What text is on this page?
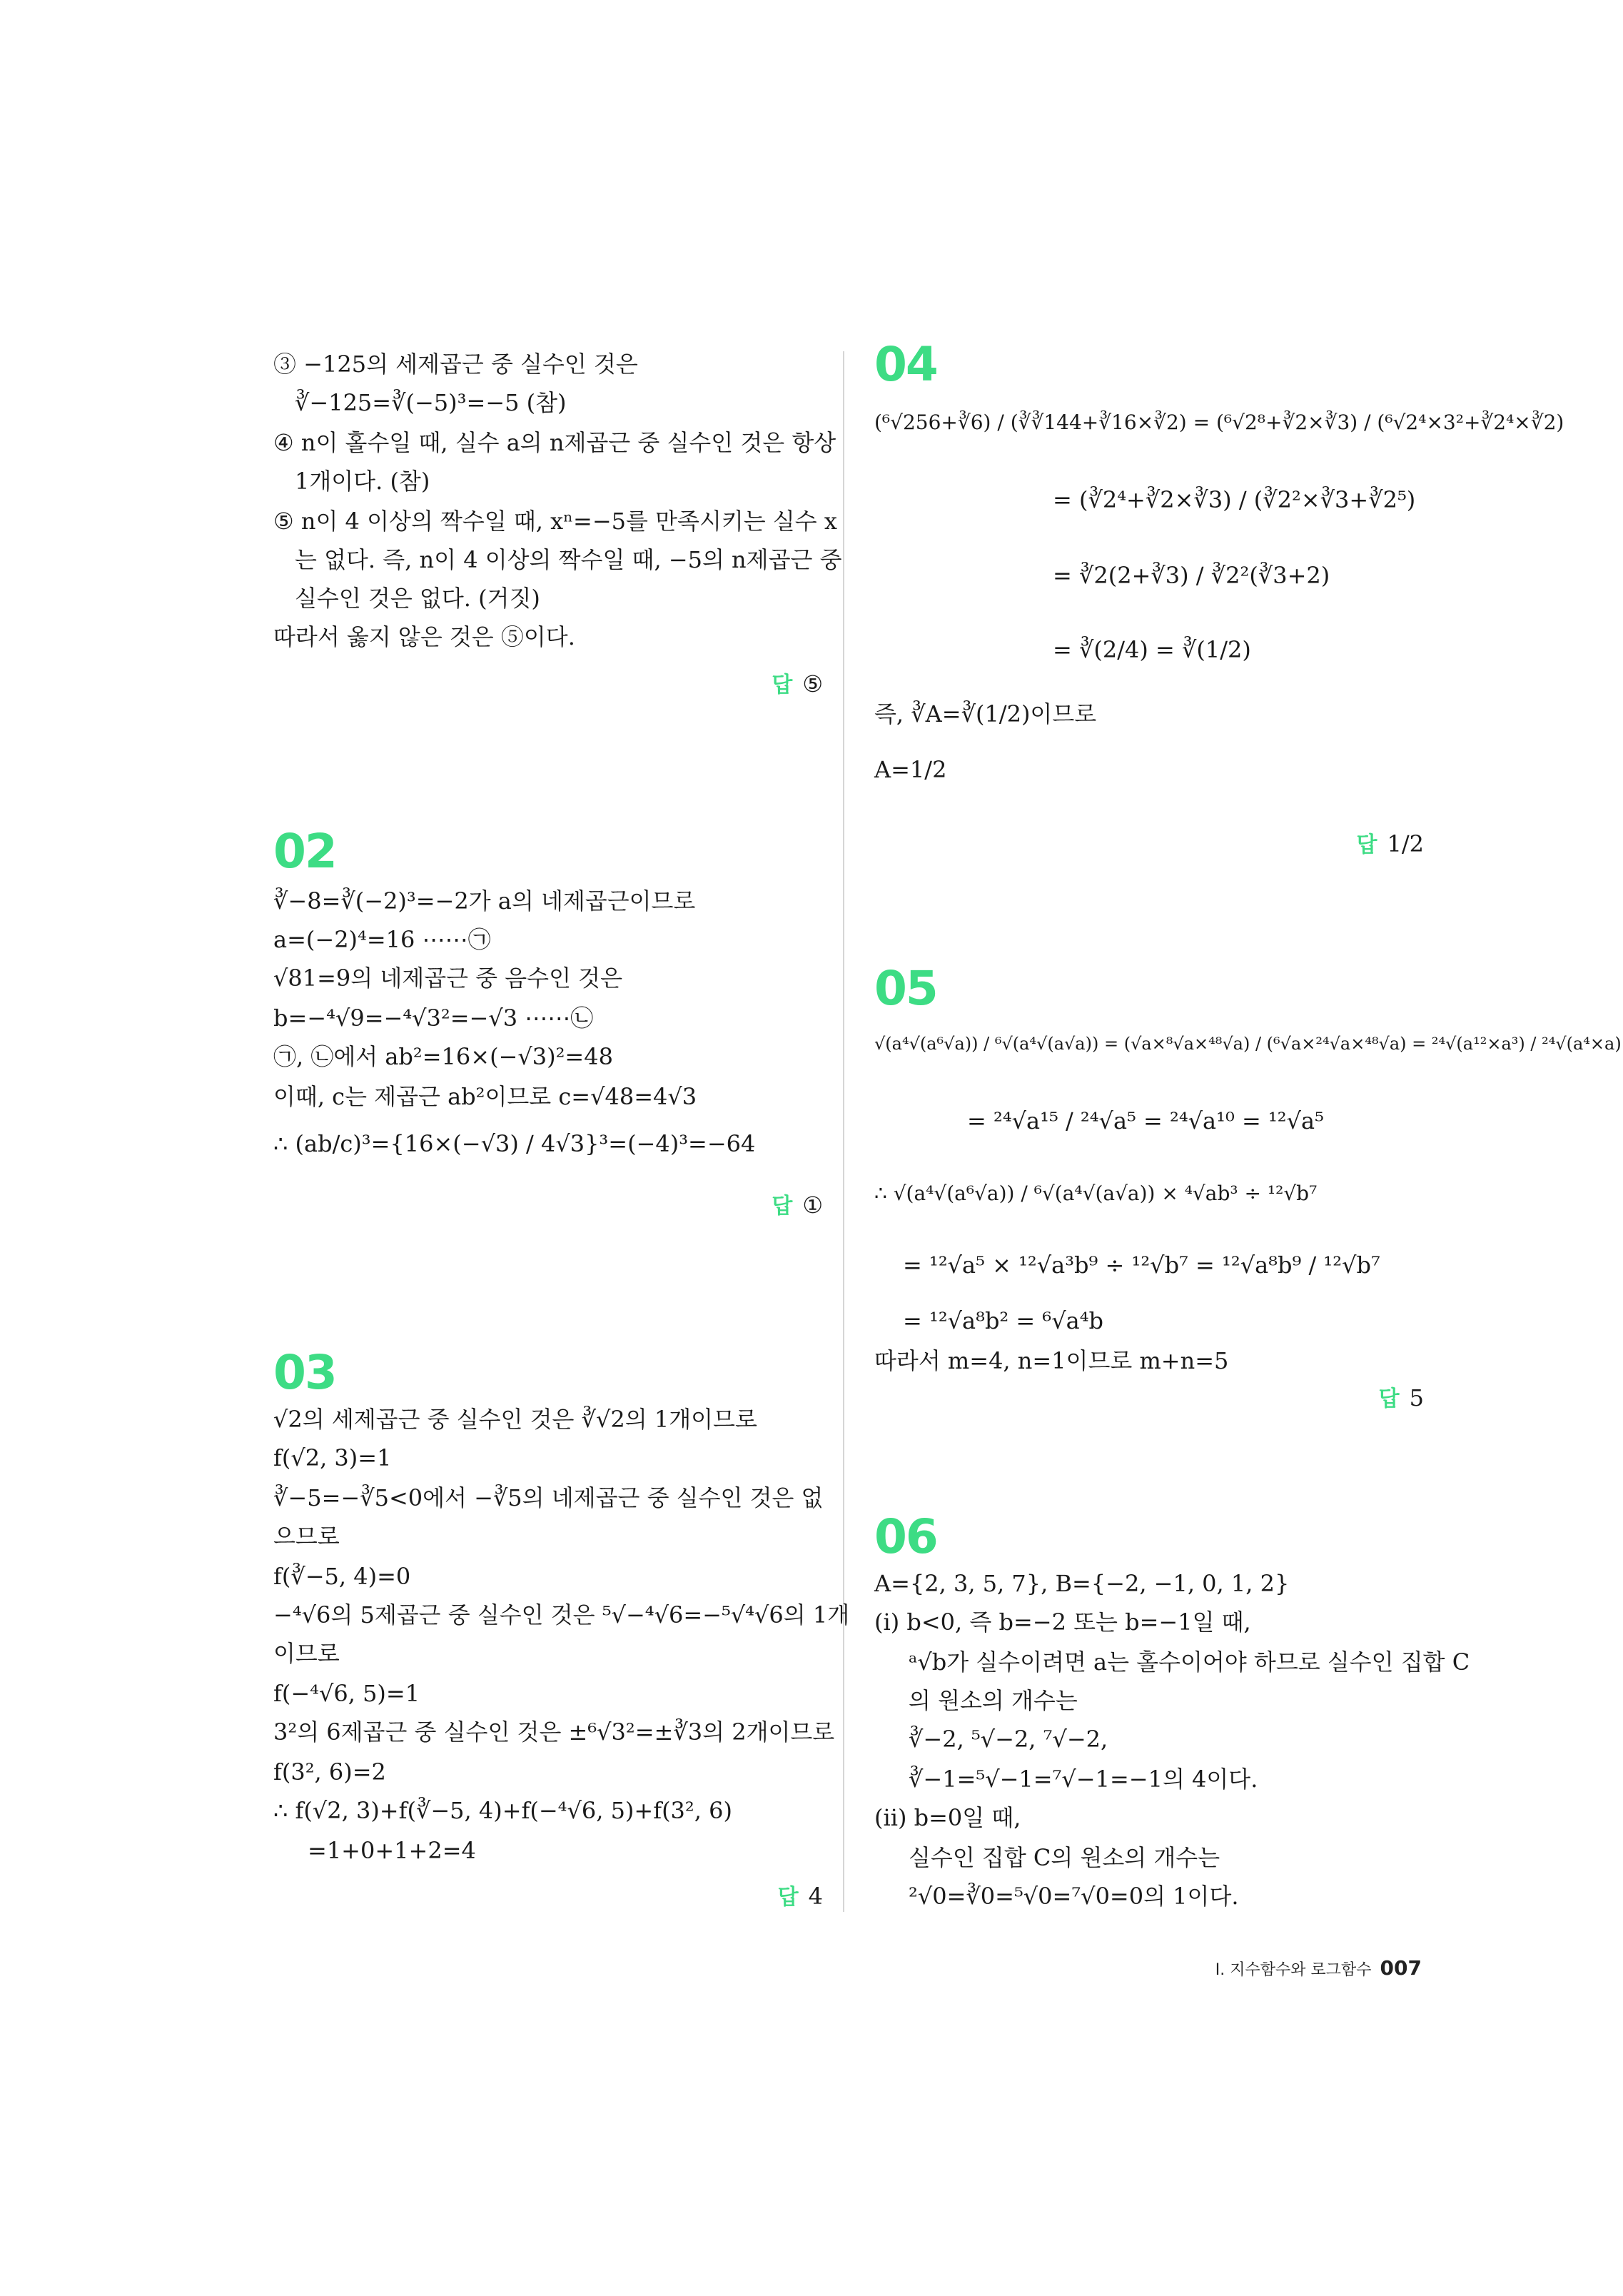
③ −125의 세제곱근 중 실수인 것은
∛−125=∛(−5)³=−5 (참)
④ n이 홀수일 때, 실수 a의 n제곱근 중 실수인 것은 항상
1개이다. (참)
⑤ n이 4 이상의 짝수일 때, xⁿ=−5를 만족시키는 실수 x
는 없다. 즉, n이 4 이상의 짝수일 때, −5의 n제곱근 중
실수인 것은 없다. (거짓)
따라서 옳지 않은 것은 ⑤이다.
답 ⑤
02
∛−8=∛(−2)³=−2가 a의 네제곱근이므로
a=(−2)⁴=16 ⋯⋯㉠
√81=9의 네제곱근 중 음수인 것은
b=−⁴√9=−⁴√3²=−√3 ⋯⋯㉡
㉠, ㉡에서 ab²=16×(−√3)²=48
이때, c는 제곱근 ab²이므로 c=√48=4√3
∴ (ab/c)³={16×(−√3) / 4√3}³=(−4)³=−64
답 ①
03
√2의 세제곱근 중 실수인 것은 ∛√2의 1개이므로
f(√2, 3)=1
∛−5=−∛5<0에서 −∛5의 네제곱근 중 실수인 것은 없
으므로
f(∛−5, 4)=0
−⁴√6의 5제곱근 중 실수인 것은 ⁵√−⁴√6=−⁵√⁴√6의 1개
이므로
f(−⁴√6, 5)=1
3²의 6제곱근 중 실수인 것은 ±⁶√3²=±∛3의 2개이므로
f(3², 6)=2
∴ f(√2, 3)+f(∛−5, 4)+f(−⁴√6, 5)+f(3², 6)
=1+0+1+2=4
답 4
04
(⁶√256+∛6) / (∛∛144+∛16×∛2) = (⁶√2⁸+∛2×∛3) / (⁶√2⁴×3²+∛2⁴×∛2)
= (∛2⁴+∛2×∛3) / (∛2²×∛3+∛2⁵)
= ∛2(2+∛3) / ∛2²(∛3+2)
= ∛(2/4) = ∛(1/2)
즉, ∛A=∛(1/2)이므로
A=1/2
답 1/2
05
√(a⁴√(a⁶√a)) / ⁶√(a⁴√(a√a)) = (√a×⁸√a×⁴⁸√a) / (⁶√a×²⁴√a×⁴⁸√a) = ²⁴√(a¹²×a³) / ²⁴√(a⁴×a)
= ²⁴√a¹⁵ / ²⁴√a⁵ = ²⁴√a¹⁰ = ¹²√a⁵
∴ √(a⁴√(a⁶√a)) / ⁶√(a⁴√(a√a)) × ⁴√ab³ ÷ ¹²√b⁷
= ¹²√a⁵ × ¹²√a³b⁹ ÷ ¹²√b⁷ = ¹²√a⁸b⁹ / ¹²√b⁷
= ¹²√a⁸b² = ⁶√a⁴b
따라서 m=4, n=1이므로 m+n=5
답 5
06
A={2, 3, 5, 7}, B={−2, −1, 0, 1, 2}
(ⅰ) b<0, 즉 b=−2 또는 b=−1일 때,
ᵃ√b가 실수이려면 a는 홀수이어야 하므로 실수인 집합 C
의 원소의 개수는
∛−2, ⁵√−2, ⁷√−2,
∛−1=⁵√−1=⁷√−1=−1의 4이다.
(ⅱ) b=0일 때,
실수인 집합 C의 원소의 개수는
²√0=∛0=⁵√0=⁷√0=0의 1이다.
Ⅰ. 지수함수와 로그함수 007
